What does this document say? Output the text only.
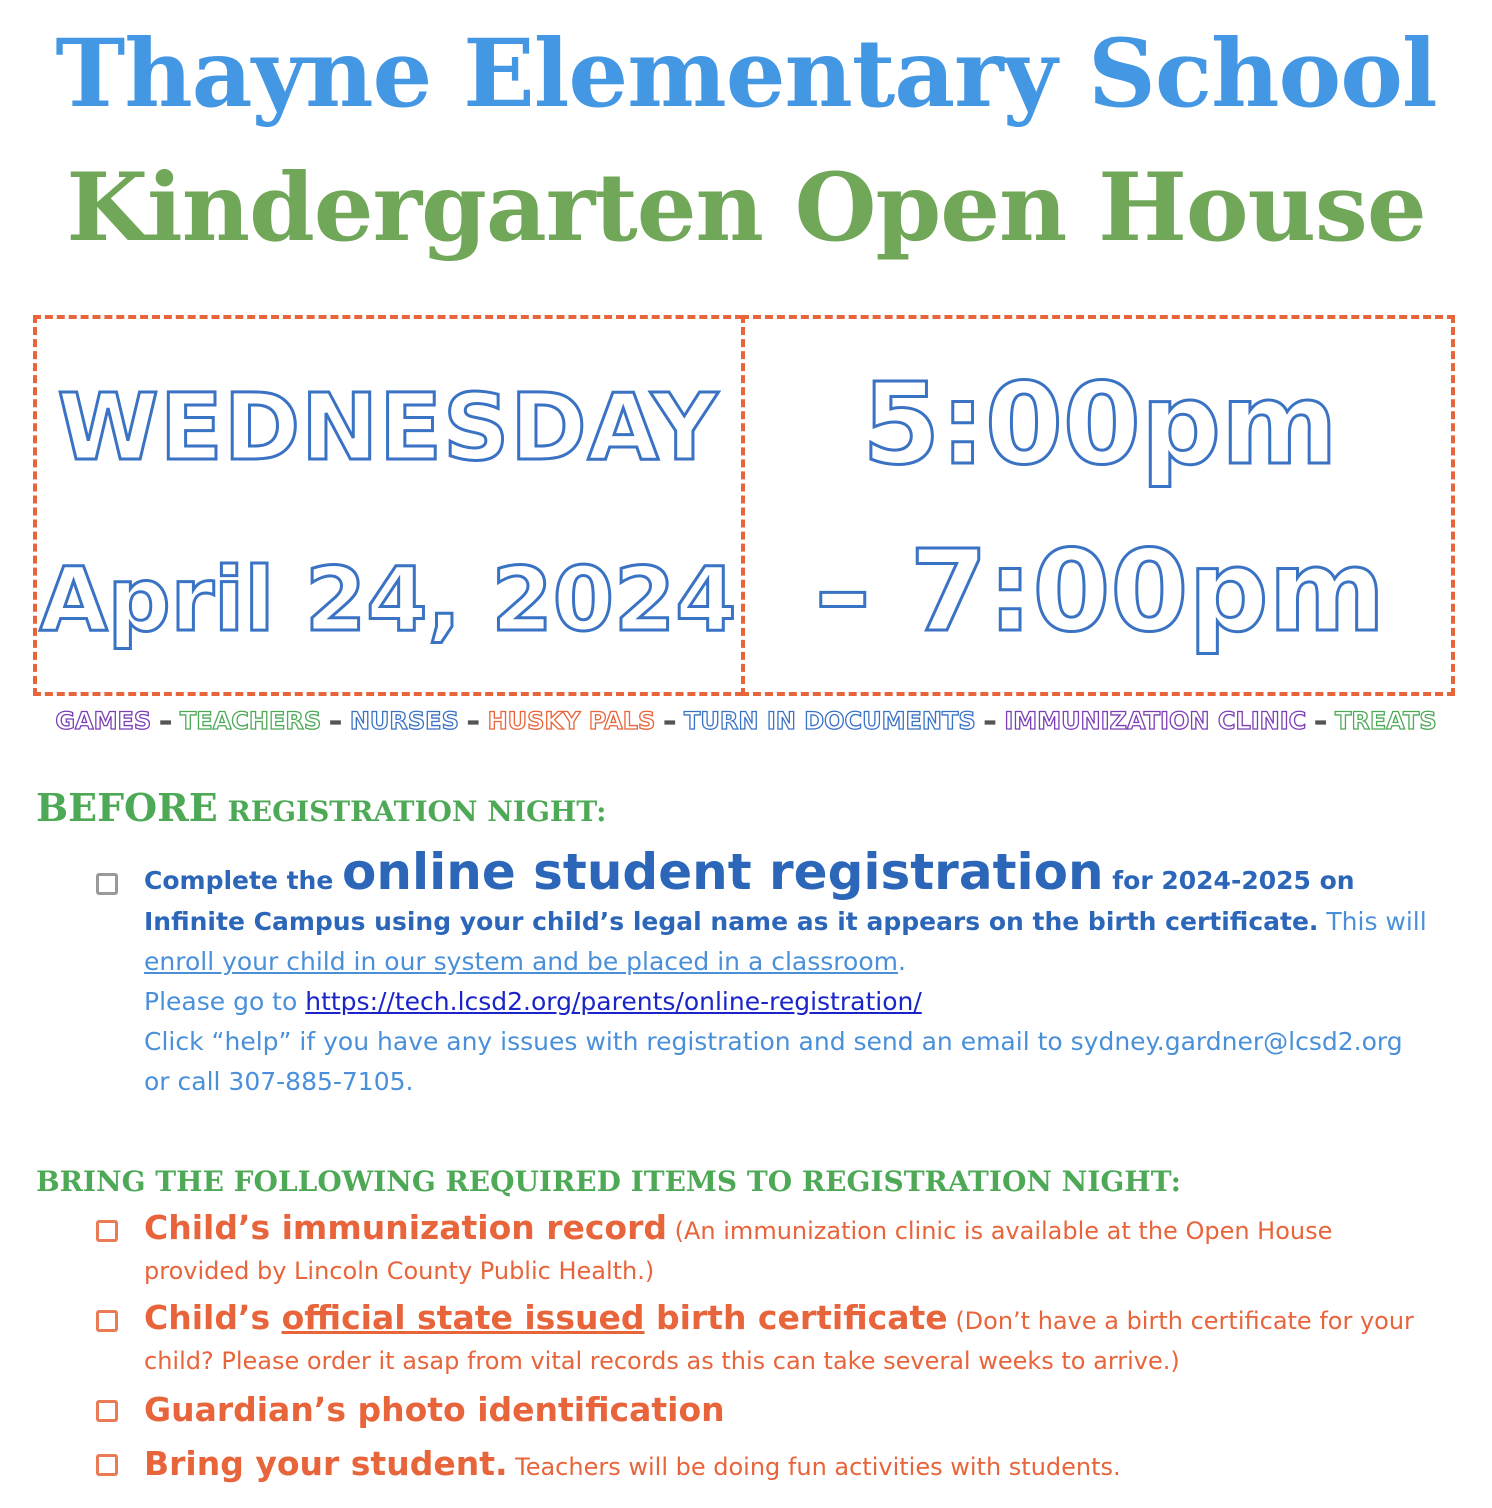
Thayne Elementary School
Kindergarten Open House
WEDNESDAY
April 24, 2024
5:00pm
– 7:00pm
GAMES – TEACHERS – NURSES – HUSKY PALS – TURN IN DOCUMENTS – IMMUNIZATION CLINIC – TREATS
BEFORE REGISTRATION NIGHT:
Complete the online student registration for 2024-2025 on Infinite Campus using your child’s legal name as it appears on the birth certificate. This will enroll your child in our system and be placed in a classroom.
Please go to https://tech.lcsd2.org/parents/online-registration/
Click “help” if you have any issues with registration and send an email to sydney.gardner@lcsd2.org or call 307-885-7105.
BRING THE FOLLOWING REQUIRED ITEMS TO REGISTRATION NIGHT:
Child’s immunization record (An immunization clinic is available at the Open House provided by Lincoln County Public Health.)
Child’s official state issued birth certificate (Don’t have a birth certificate for your child? Please order it asap from vital records as this can take several weeks to arrive.)
Guardian’s photo identification
Bring your student. Teachers will be doing fun activities with students.
